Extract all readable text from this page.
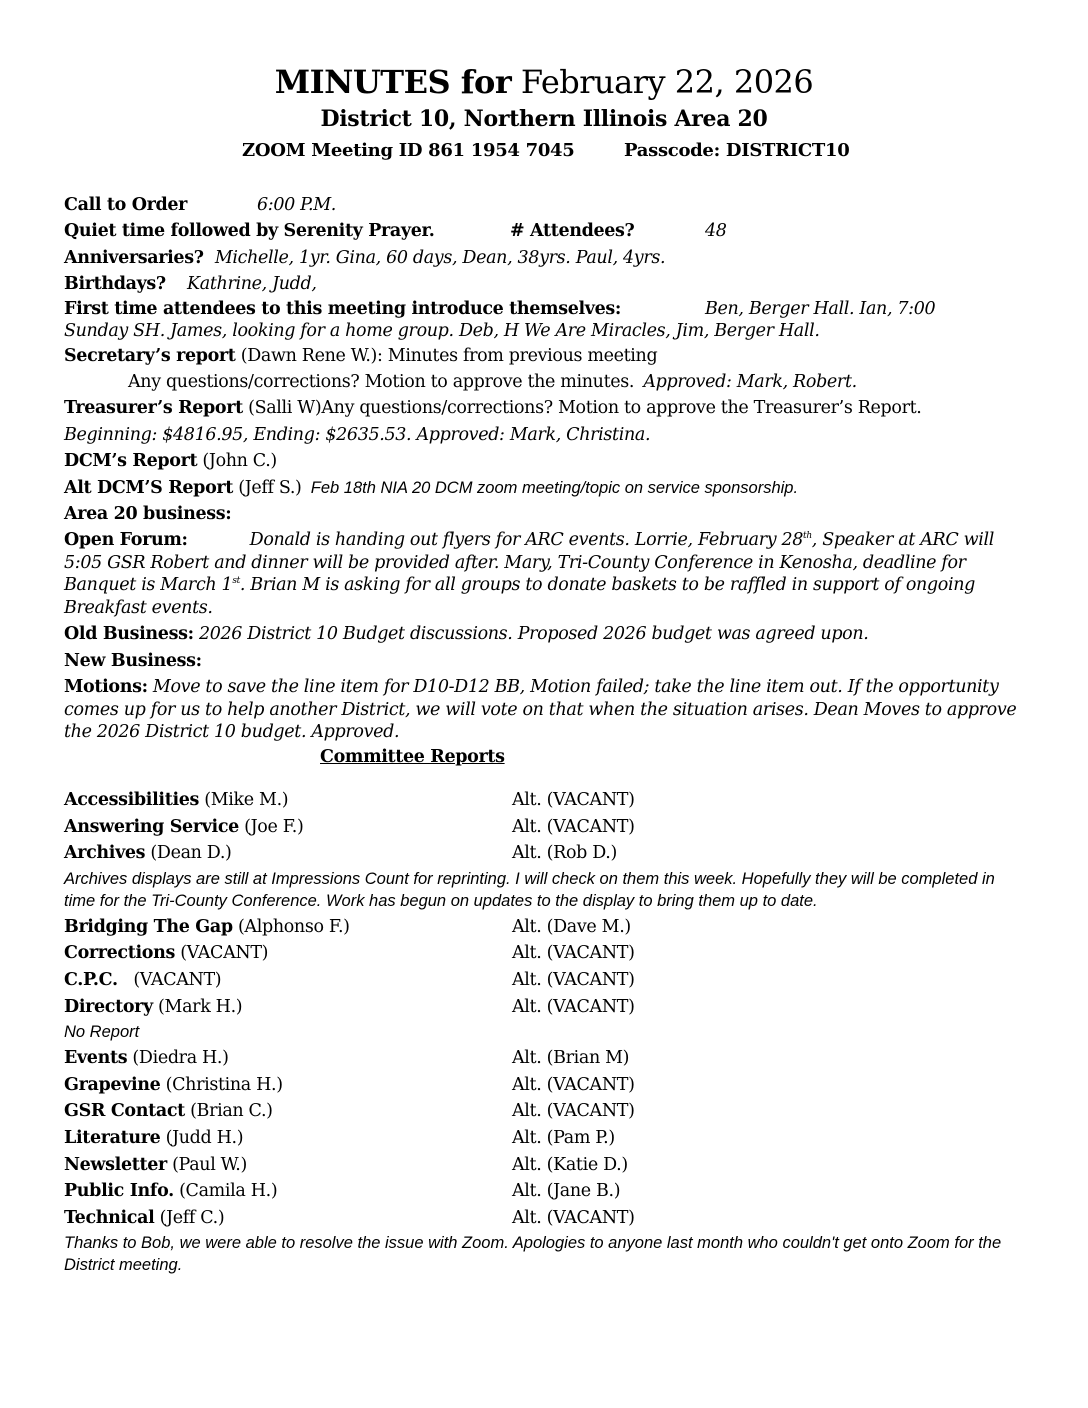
MINUTES for February 22, 2026
District 10, Northern Illinois Area 20
ZOOM Meeting ID 861 1954 7045	Passcode: DISTRICT10
Call to Order	6:00 P.M.
Quiet time followed by Serenity Prayer.	# Attendees?	48
Anniversaries? Michelle, 1yr. Gina, 60 days, Dean, 38yrs. Paul, 4yrs.
Birthdays? Kathrine, Judd,
First time attendees to this meeting introduce themselves:	Ben, Berger Hall. Ian, 7:00
Sunday SH. James, looking for a home group. Deb, H We Are Miracles, Jim, Berger Hall.
Secretary’s report (Dawn Rene W.): Minutes from previous meeting
Any questions/corrections? Motion to approve the minutes. Approved: Mark, Robert.
Treasurer’s Report (Salli W)Any questions/corrections? Motion to approve the Treasurer’s Report.
Beginning: $4816.95, Ending: $2635.53. Approved: Mark, Christina.
DCM’s Report (John C.)
Alt DCM’S Report (Jeff S.) Feb 18th NIA 20 DCM zoom meeting/topic on service sponsorship.
Area 20 business:
Open Forum:	Donald is handing out flyers for ARC events. Lorrie, February 28th, Speaker at ARC will 5:05 GSR Robert and dinner will be provided after. Mary, Tri-County Conference in Kenosha, deadline for Banquet is March 1st. Brian M is asking for all groups to donate baskets to be raffled in support of ongoing Breakfast events.
Old Business: 2026 District 10 Budget discussions. Proposed 2026 budget was agreed upon.
New Business:
Motions: Move to save the line item for D10-D12 BB, Motion failed; take the line item out. If the opportunity comes up for us to help another District, we will vote on that when the situation arises. Dean Moves to approve the 2026 District 10 budget. Approved.
Committee Reports
Accessibilities (Mike M.)	Alt. (VACANT)
Answering Service (Joe F.)	Alt. (VACANT)
Archives (Dean D.)	Alt. (Rob D.)
Archives displays are still at Impressions Count for reprinting. I will check on them this week. Hopefully they will be completed in time for the Tri-County Conference. Work has begun on updates to the display to bring them up to date.
Bridging The Gap (Alphonso F.)	Alt. (Dave M.)
Corrections (VACANT)	Alt. (VACANT)
C.P.C.   (VACANT)	Alt. (VACANT)
Directory (Mark H.)	Alt. (VACANT)
No Report
Events (Diedra H.)	Alt. (Brian M)
Grapevine (Christina H.)	Alt. (VACANT)
GSR Contact (Brian C.)	Alt. (VACANT)
Literature (Judd H.)	Alt. (Pam P.)
Newsletter (Paul W.)	Alt. (Katie D.)
Public Info. (Camila H.)	Alt. (Jane B.)
Technical (Jeff C.)	Alt. (VACANT)
Thanks to Bob, we were able to resolve the issue with Zoom. Apologies to anyone last month who couldn't get onto Zoom for the District meeting.
